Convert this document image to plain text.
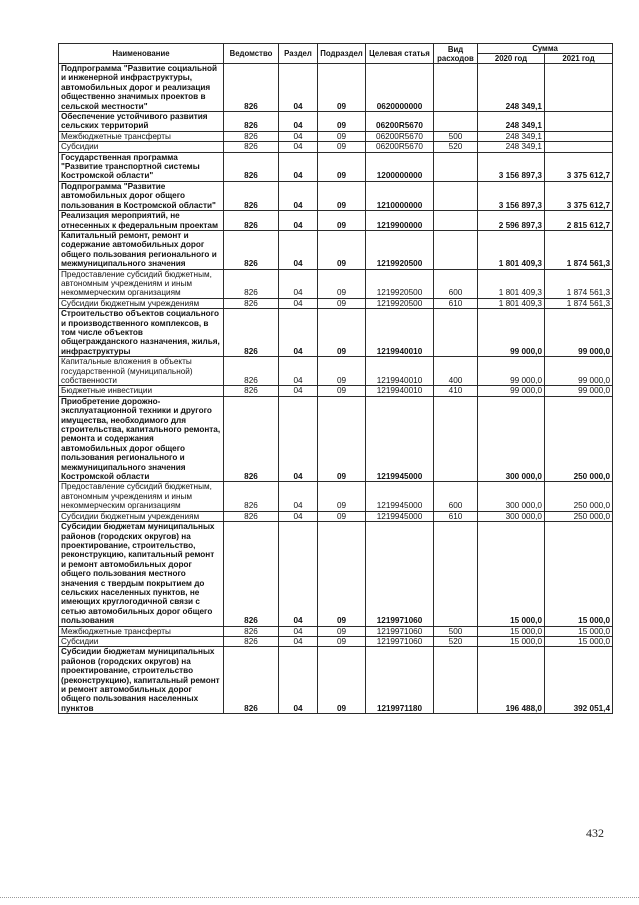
Наименование	Ведомство	Раздел	Подраздел	Целевая статья	Вид расходов	Сумма	
						2020 год	2021 год
Подпрограмма "Развитие социальной и инженерной инфраструктуры, автомобильных дорог и реализация общественно значимых проектов в сельской местности"	826	04	09	0620000000		248 349,1	
Обеспечение устойчивого развития сельских территорий	826	04	09	06200R5670		248 349,1	
Межбюджетные трансферты	826	04	09	06200R5670	500	248 349,1	
Субсидии	826	04	09	06200R5670	520	248 349,1	
Государственная программа "Развитие транспортной системы Костромской области"	826	04	09	1200000000		3 156 897,3	3 375 612,7
Подпрограмма "Развитие автомобильных дорог общего пользования в Костромской области"	826	04	09	1210000000		3 156 897,3	3 375 612,7
Реализация мероприятий, не отнесенных к федеральным проектам	826	04	09	1219900000		2 596 897,3	2 815 612,7
Капитальный ремонт, ремонт и содержание автомобильных дорог общего пользования регионального и межмуниципального значения	826	04	09	1219920500		1 801 409,3	1 874 561,3
Предоставление субсидий бюджетным, автономным учреждениям и иным некоммерческим организациям	826	04	09	1219920500	600	1 801 409,3	1 874 561,3
Субсидии бюджетным учреждениям	826	04	09	1219920500	610	1 801 409,3	1 874 561,3
Строительство объектов социального и производственного комплексов, в том числе объектов общегражданского назначения, жилья, инфраструктуры	826	04	09	1219940010		99 000,0	99 000,0
Капитальные вложения в объекты государственной (муниципальной) собственности	826	04	09	1219940010	400	99 000,0	99 000,0
Бюджетные инвестиции	826	04	09	1219940010	410	99 000,0	99 000,0
Приобретение дорожно-эксплуатационной техники и другого имущества, необходимого для строительства, капитального ремонта, ремонта и содержания автомобильных дорог общего пользования регионального и межмуниципального значения Костромской области	826	04	09	1219945000		300 000,0	250 000,0
Предоставление субсидий бюджетным, автономным учреждениям и иным некоммерческим организациям	826	04	09	1219945000	600	300 000,0	250 000,0
Субсидии бюджетным учреждениям	826	04	09	1219945000	610	300 000,0	250 000,0
Субсидии бюджетам муниципальных районов (городских округов) на проектирование, строительство, реконструкцию, капитальный ремонт и ремонт автомобильных дорог общего пользования местного значения с твердым покрытием до сельских населенных пунктов, не имеющих круглогодичной связи с сетью автомобильных дорог общего пользования	826	04	09	1219971060		15 000,0	15 000,0
Межбюджетные трансферты	826	04	09	1219971060	500	15 000,0	15 000,0
Субсидии	826	04	09	1219971060	520	15 000,0	15 000,0
Субсидии бюджетам муниципальных районов (городских округов) на проектирование, строительство (реконструкцию), капитальный ремонт и ремонт автомобильных дорог общего пользования населенных пунктов	826	04	09	1219971180		196 488,0	392 051,4
432
